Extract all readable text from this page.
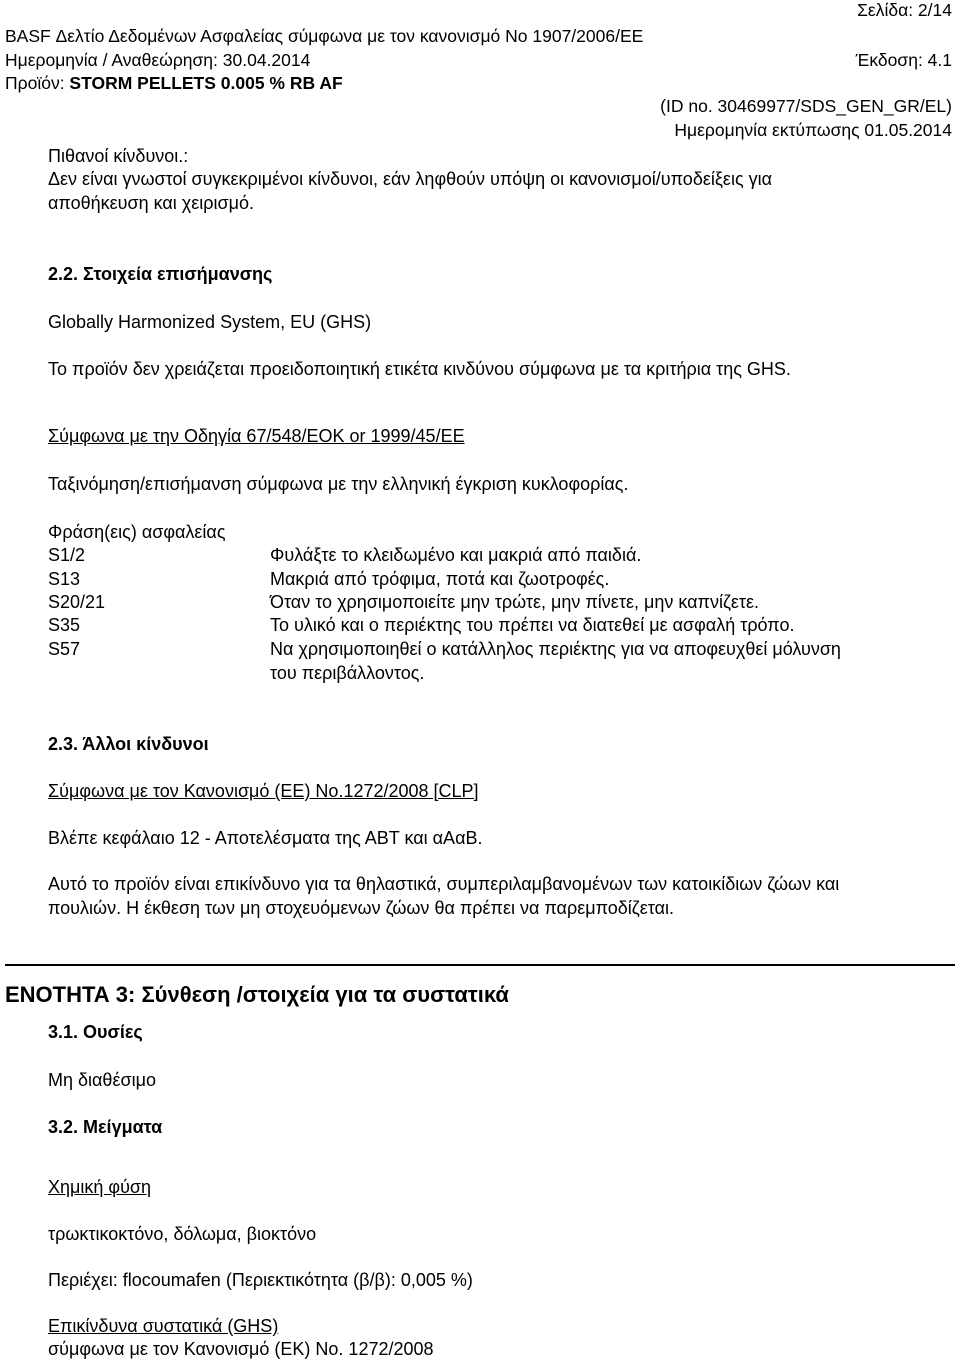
Σελίδα: 2/14
BASF Δελτίο Δεδομένων Ασφαλείας σύμφωνα με τον κανονισμό No 1907/2006/EE
Ημερομηνία / Αναθεώρηση: 30.04.2014	Έκδοση: 4.1
Προϊόν: STORM PELLETS 0.005 % RB AF
(ID no. 30469977/SDS_GEN_GR/EL)
Ημερομηνία εκτύπωσης 01.05.2014
Πιθανοί κίνδυνοι.:
Δεν είναι γνωστοί συγκεκριμένοι κίνδυνοι, εάν ληφθούν υπόψη οι κανονισμοί/υποδείξεις για
αποθήκευση και χειρισμό.
2.2. Στοιχεία επισήμανσης
Globally Harmonized System, EU (GHS)
Το προϊόν δεν χρειάζεται προειδοποιητική ετικέτα κινδύνου σύμφωνα με τα κριτήρια της GHS.
Σύμφωνα με την Οδηγία 67/548/ΕΟΚ or 1999/45/ΕΕ
Ταξινόμηση/επισήμανση σύμφωνα με την ελληνική έγκριση κυκλοφορίας.
Φράση(εις) ασφαλείας
S1/2	Φυλάξτε το κλειδωμένο και μακριά από παιδιά.
S13	Μακριά από τρόφιμα, ποτά και ζωοτροφές.
S20/21	Όταν το χρησιμοποιείτε μην τρώτε, μην πίνετε, μην καπνίζετε.
S35	Το υλικό και ο περιέκτης του πρέπει να διατεθεί με ασφαλή τρόπο.
S57	Να χρησιμοποιηθεί ο κατάλληλος περιέκτης για να αποφευχθεί μόλυνση
του περιβάλλοντος.
2.3. Άλλοι κίνδυνοι
Σύμφωνα με τον Κανονισμό (ΕΕ) No.1272/2008 [CLP]
Βλέπε κεφάλαιο 12 - Αποτελέσματα της ΑΒΤ και αΑαΒ.
Αυτό το προϊόν είναι επικίνδυνο για τα θηλαστικά, συμπεριλαμβανομένων των κατοικίδιων ζώων και
πουλιών. Η έκθεση των μη στοχευόμενων ζώων θα πρέπει να παρεμποδίζεται.
ΕΝΟΤΗΤΑ 3: Σύνθεση /στοιχεία για τα συστατικά
3.1. Ουσίες
Μη διαθέσιμο
3.2. Μείγματα
Χημική φύση
τρωκτικοκτόνο, δόλωμα, βιοκτόνο
Περιέχει: flocoumafen (Περιεκτικότητα (β/β): 0,005 %)
Επικίνδυνα συστατικά (GHS)
σύμφωνα με τον Κανονισμό (ΕΚ) No. 1272/2008
